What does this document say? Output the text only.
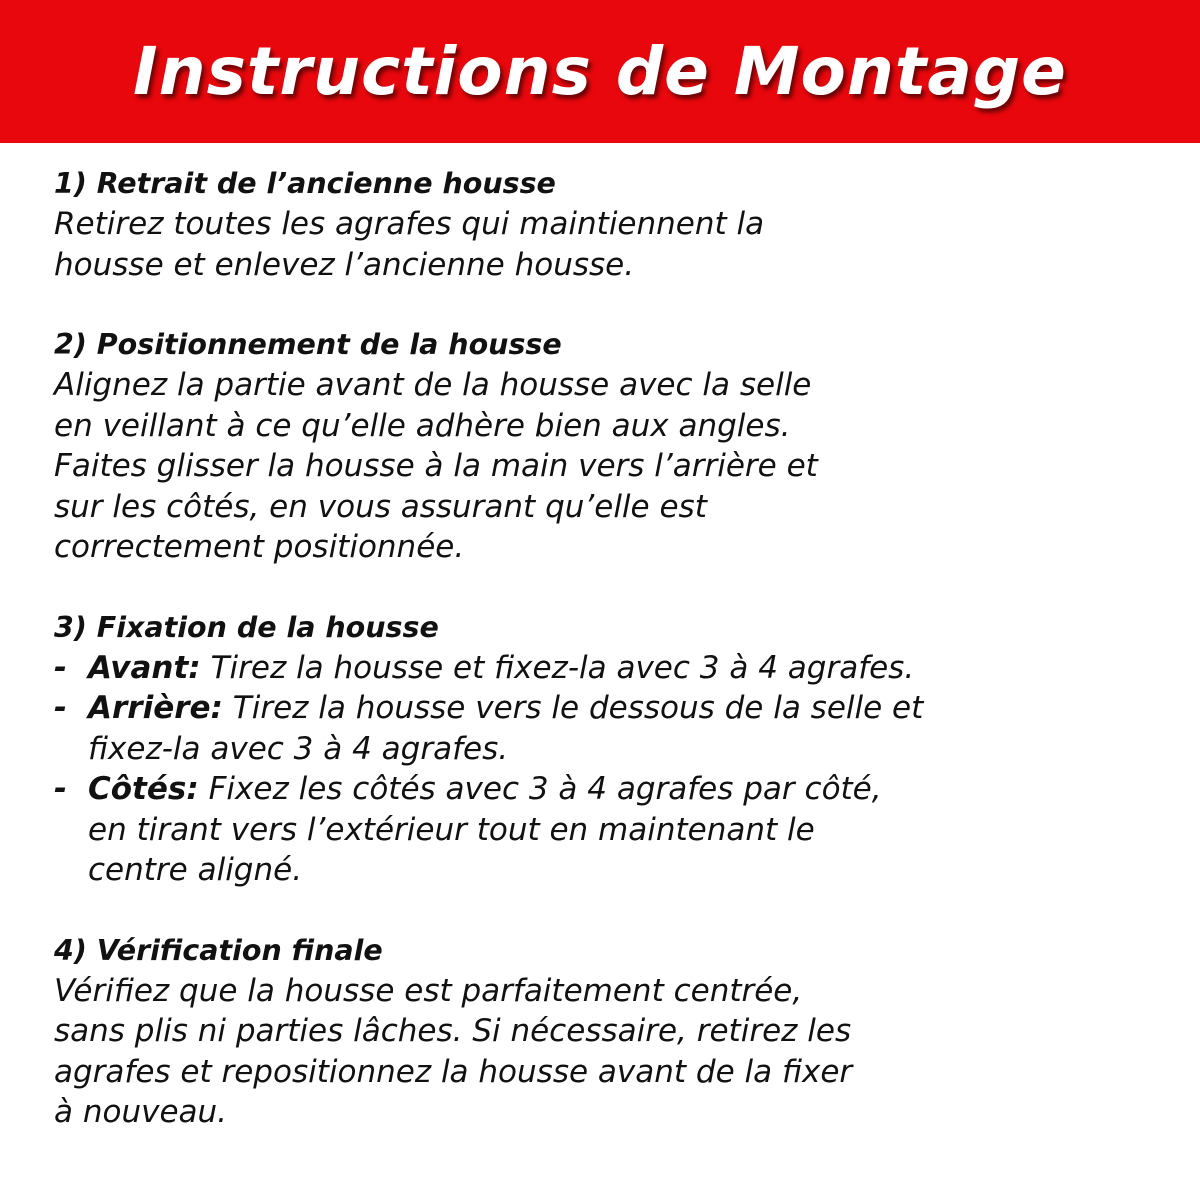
Instructions de Montage

1) Retrait de l’ancienne housse

Retirez toutes les agrafes qui maintiennent la
housse et enlevez l’ancienne housse.

2) Positionnement de la housse

Alignez la partie avant de la housse avec la selle
en veillant à ce qu’elle adhère bien aux angles.
Faites glisser la housse à la main vers l’arrière et
sur les côtés, en vous assurant qu’elle est
correctement positionnée.

3) Fixation de la housse

- Avant: Tirez la housse et fixez-la avec 3 à 4 agrafes.
- Arrière: Tirez la housse vers le dessous de la selle et
fixez-la avec 3 à 4 agrafes.
- Côtés: Fixez les côtés avec 3 à 4 agrafes par côté,
en tirant vers l’extérieur tout en maintenant le
centre aligné.

4) Vérification finale

Vérifiez que la housse est parfaitement centrée,
sans plis ni parties lâches. Si nécessaire, retirez les
agrafes et repositionnez la housse avant de la fixer
à nouveau.
